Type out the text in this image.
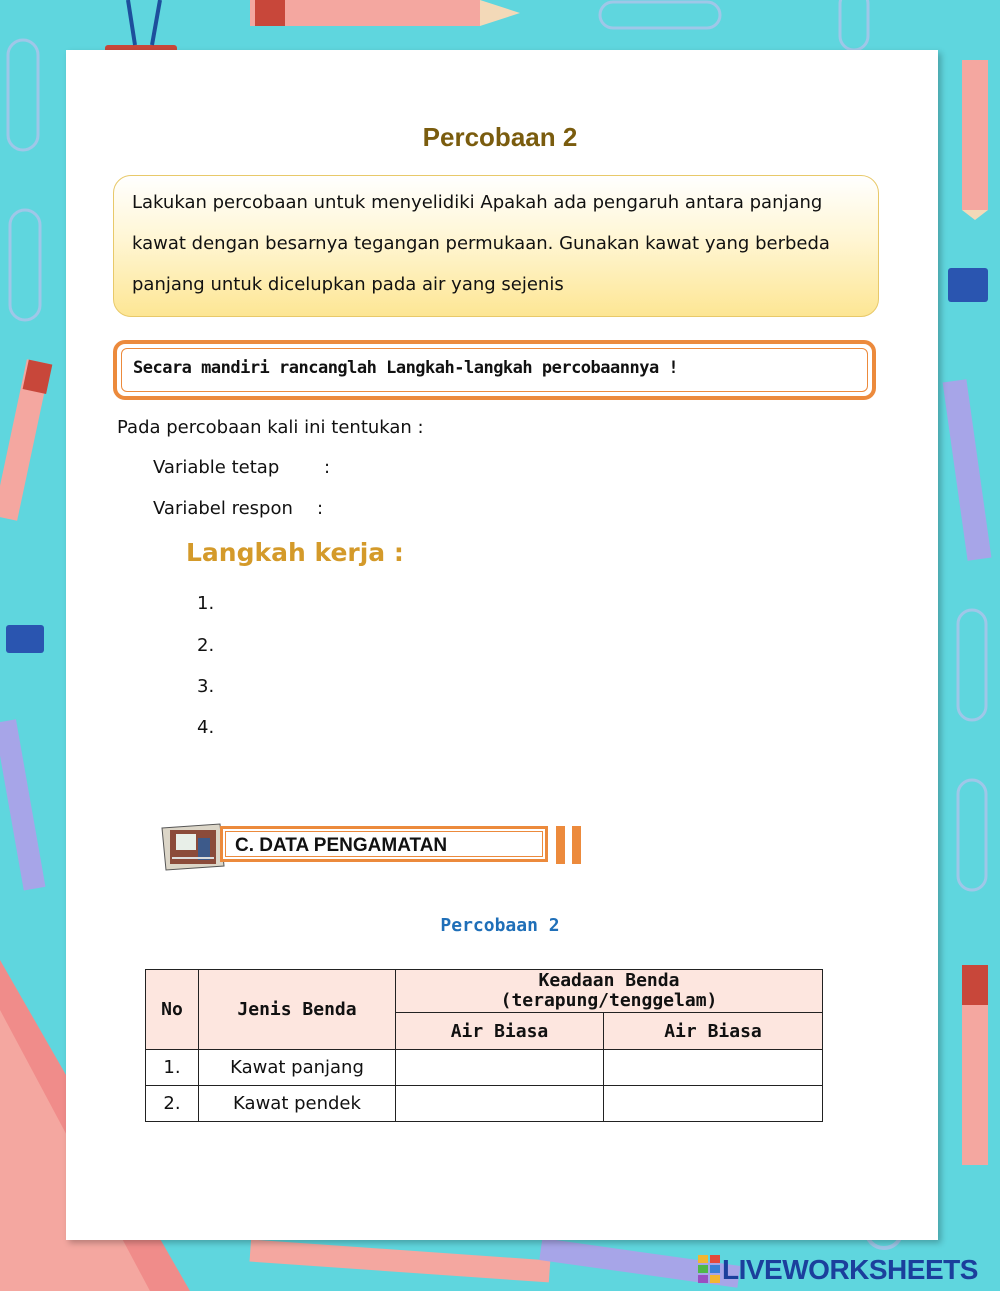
Percobaan 2
Lakukan percobaan untuk menyelidiki Apakah ada pengaruh antara panjang
kawat dengan besarnya tegangan permukaan. Gunakan kawat yang berbeda
panjang untuk dicelupkan pada air yang sejenis
Secara mandiri rancanglah Langkah-langkah percobaannya !
Pada percobaan kali ini tentukan :
Variable tetap :
Variabel respon :
Langkah kerja :
1.
2.
3.
4.
C. DATA PENGAMATAN
Percobaan 2
No	Jenis Benda	Keadaan Benda
(terapung/tenggelam)	

		Air Biasa	Air Biasa
1.	Kawat panjang		
2.	Kawat pendek		
LIVEWORKSHEETS
